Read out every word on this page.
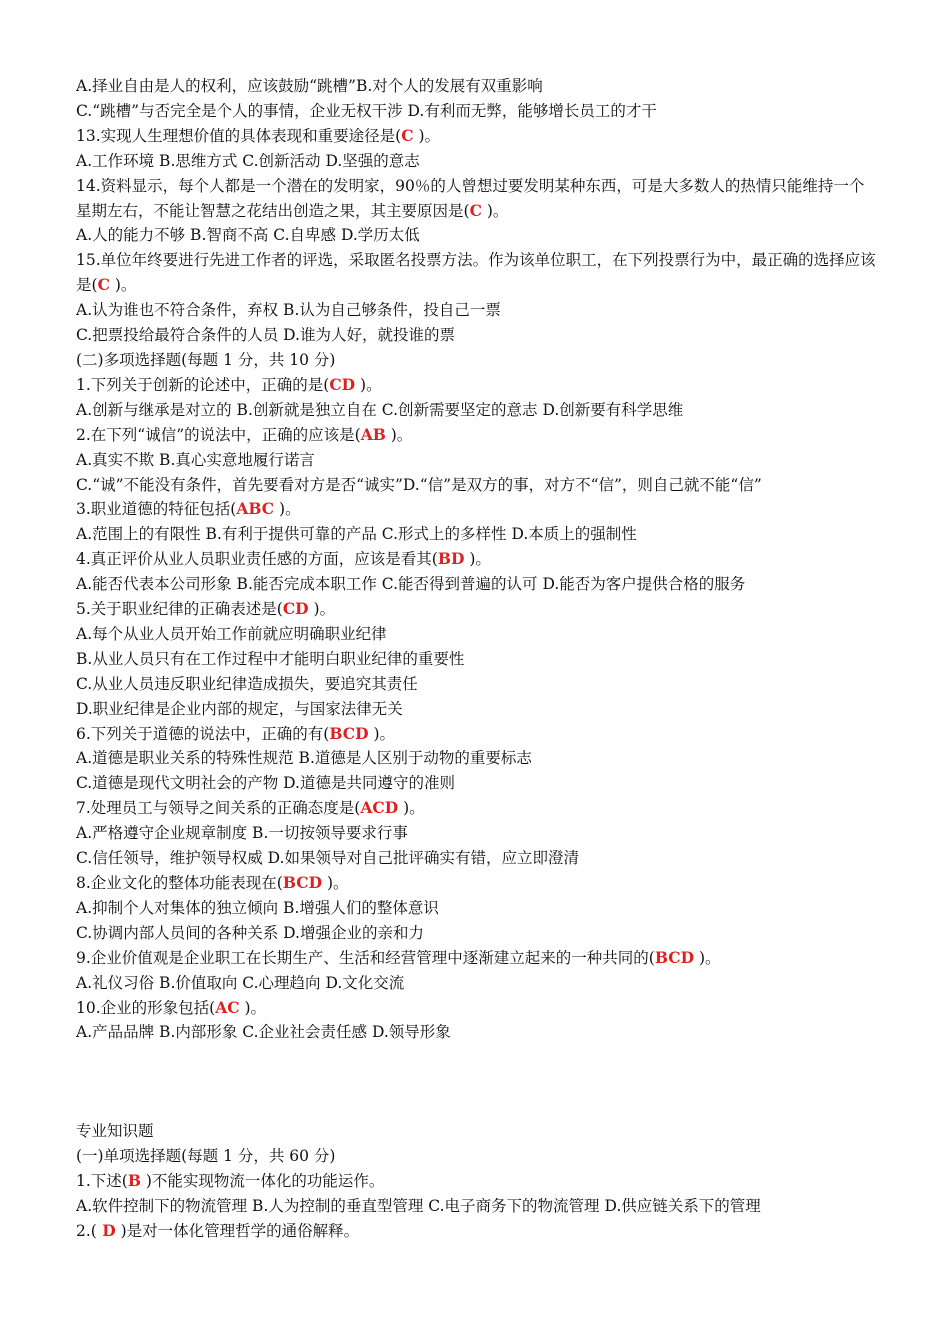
A.择业自由是人的权利，应该鼓励“跳槽”B.对个人的发展有双重影响

C.“跳槽”与否完全是个人的事情，企业无权干涉 D.有利而无弊，能够增长员工的才干

13.实现人生理想价值的具体表现和重要途径是(C )。

A.工作环境 B.思维方式 C.创新活动 D.坚强的意志

14.资料显示，每个人都是一个潜在的发明家，90％的人曾想过要发明某种东西，可是大多数人的热情只能维持一个星期左右，不能让智慧之花结出创造之果，其主要原因是(C )。

A.人的能力不够 B.智商不高 C.自卑感 D.学历太低

15.单位年终要进行先进工作者的评选，采取匿名投票方法。作为该单位职工，在下列投票行为中，最正确的选择应该是(C )。

A.认为谁也不符合条件，弃权 B.认为自己够条件，投自己一票

C.把票投给最符合条件的人员 D.谁为人好，就投谁的票

(二)多项选择题(每题 1 分，共 10 分)

1.下列关于创新的论述中，正确的是(CD )。

A.创新与继承是对立的 B.创新就是独立自在 C.创新需要坚定的意志 D.创新要有科学思维

2.在下列“诚信”的说法中，正确的应该是(AB )。

A.真实不欺 B.真心实意地履行诺言

C.“诚”不能没有条件，首先要看对方是否“诚实”D.“信”是双方的事，对方不“信”，则自己就不能“信”

3.职业道德的特征包括(ABC )。

A.范围上的有限性 B.有利于提供可靠的产品 C.形式上的多样性 D.本质上的强制性

4.真正评价从业人员职业责任感的方面，应该是看其(BD )。

A.能否代表本公司形象 B.能否完成本职工作 C.能否得到普遍的认可 D.能否为客户提供合格的服务

5.关于职业纪律的正确表述是(CD )。

A.每个从业人员开始工作前就应明确职业纪律

B.从业人员只有在工作过程中才能明白职业纪律的重要性

C.从业人员违反职业纪律造成损失，要追究其责任

D.职业纪律是企业内部的规定，与国家法律无关

6.下列关于道德的说法中，正确的有(BCD )。

A.道德是职业关系的特殊性规范 B.道德是人区别于动物的重要标志

C.道德是现代文明社会的产物 D.道德是共同遵守的准则

7.处理员工与领导之间关系的正确态度是(ACD )。

A.严格遵守企业规章制度 B.一切按领导要求行事

C.信任领导，维护领导权威 D.如果领导对自己批评确实有错，应立即澄清

8.企业文化的整体功能表现在(BCD )。

A.抑制个人对集体的独立倾向 B.增强人们的整体意识

C.协调内部人员间的各种关系 D.增强企业的亲和力

9.企业价值观是企业职工在长期生产、生活和经营管理中逐渐建立起来的一种共同的(BCD )。

A.礼仪习俗 B.价值取向 C.心理趋向 D.文化交流

10.企业的形象包括(AC )。

A.产品品牌 B.内部形象 C.企业社会责任感 D.领导形象

专业知识题

(一)单项选择题(每题 1 分，共 60 分)

1.下述(B )不能实现物流一体化的功能运作。

A.软件控制下的物流管理 B.人为控制的垂直型管理 C.电子商务下的物流管理 D.供应链关系下的管理

2.( D )是对一体化管理哲学的通俗解释。
